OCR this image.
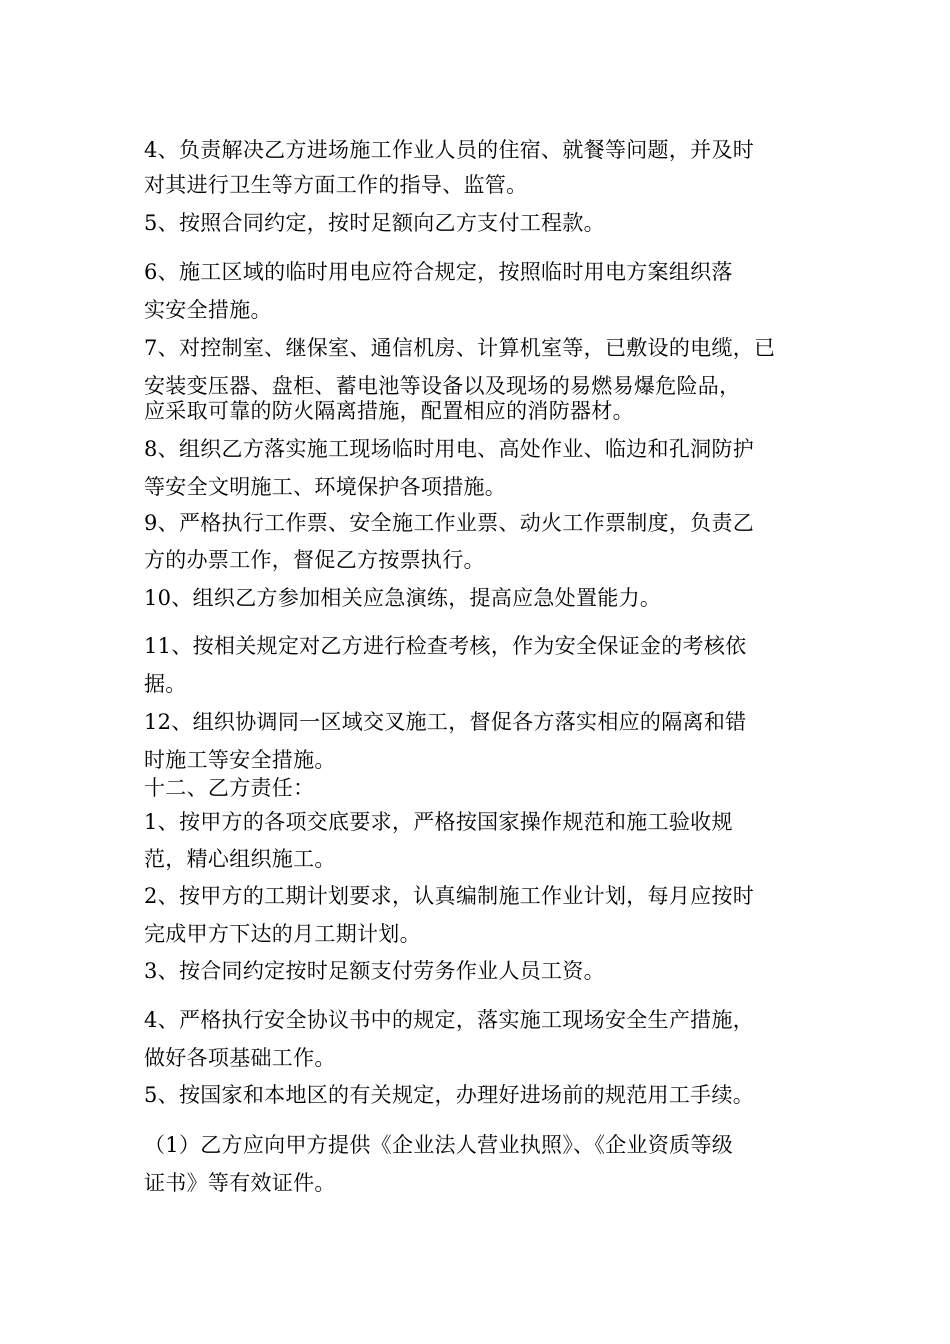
4、负责解决乙方进场施工作业人员的住宿、就餐等问题，并及时
对其进行卫生等方面工作的指导、监管。
5、按照合同约定，按时足额向乙方支付工程款。
6、施工区域的临时用电应符合规定，按照临时用电方案组织落
实安全措施。
7、对控制室、继保室、通信机房、计算机室等，已敷设的电缆，已
安装变压器、盘柜、蓄电池等设备以及现场的易燃易爆危险品，
应采取可靠的防火隔离措施，配置相应的消防器材。
8、组织乙方落实施工现场临时用电、高处作业、临边和孔洞防护
等安全文明施工、环境保护各项措施。
9、严格执行工作票、安全施工作业票、动火工作票制度，负责乙
方的办票工作，督促乙方按票执行。
10、组织乙方参加相关应急演练，提高应急处置能力。
11、按相关规定对乙方进行检查考核，作为安全保证金的考核依
据。
12、组织协调同一区域交叉施工，督促各方落实相应的隔离和错
时施工等安全措施。
十二、乙方责任：
1、按甲方的各项交底要求，严格按国家操作规范和施工验收规
范，精心组织施工。
2、按甲方的工期计划要求，认真编制施工作业计划，每月应按时
完成甲方下达的月工期计划。
3、按合同约定按时足额支付劳务作业人员工资。
4、严格执行安全协议书中的规定，落实施工现场安全生产措施，
做好各项基础工作。
5、按国家和本地区的有关规定，办理好进场前的规范用工手续。
（1）乙方应向甲方提供《企业法人营业执照》、《企业资质等级
证书》等有效证件。
